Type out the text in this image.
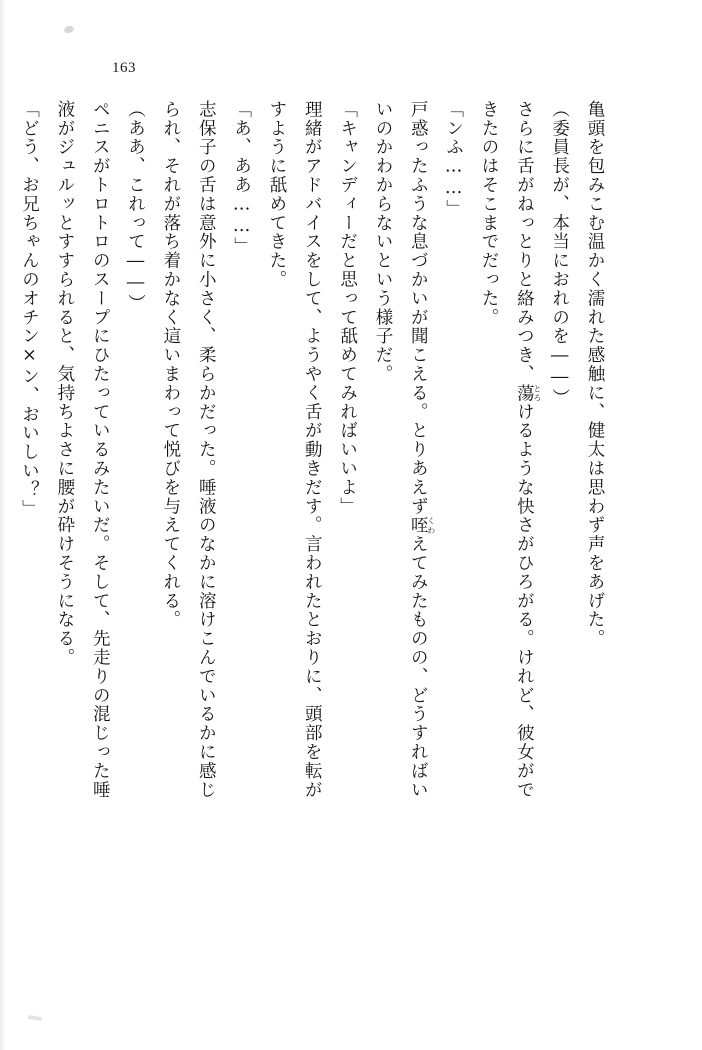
163

亀頭を包みこむ温かく濡れた感触に、健太は思わず声をあげた。

（委員長が、本当におれのを――）

さらに舌がねっとりと絡みつき、蕩とろけるような快さがひろがる。けれど、彼女がで

きたのはそこまでだった。

「ンふ……」

戸惑ったふうな息づかいが聞こえる。とりあえず咥くわえてみたものの、どうすればい

いのかわからないという様子だ。

「キャンディーだと思って舐めてみればいいよ」

理緒がアドバイスをして、ようやく舌が動きだす。言われたとおりに、頭部を転が

すように舐めてきた。

「あ、ああ……」

志保子の舌は意外に小さく、柔らかだった。唾液のなかに溶けこんでいるかに感じ

られ、それが落ち着かなく這いまわって悦びを与えてくれる。

（ああ、これって――）

ペニスがトロトロのスープにひたっているみたいだ。そして、先走りの混じった唾

液がジュルッとすすられると、気持ちよさに腰が砕けそうになる。

「どう、お兄ちゃんのオチン×ン、おいしい？」
